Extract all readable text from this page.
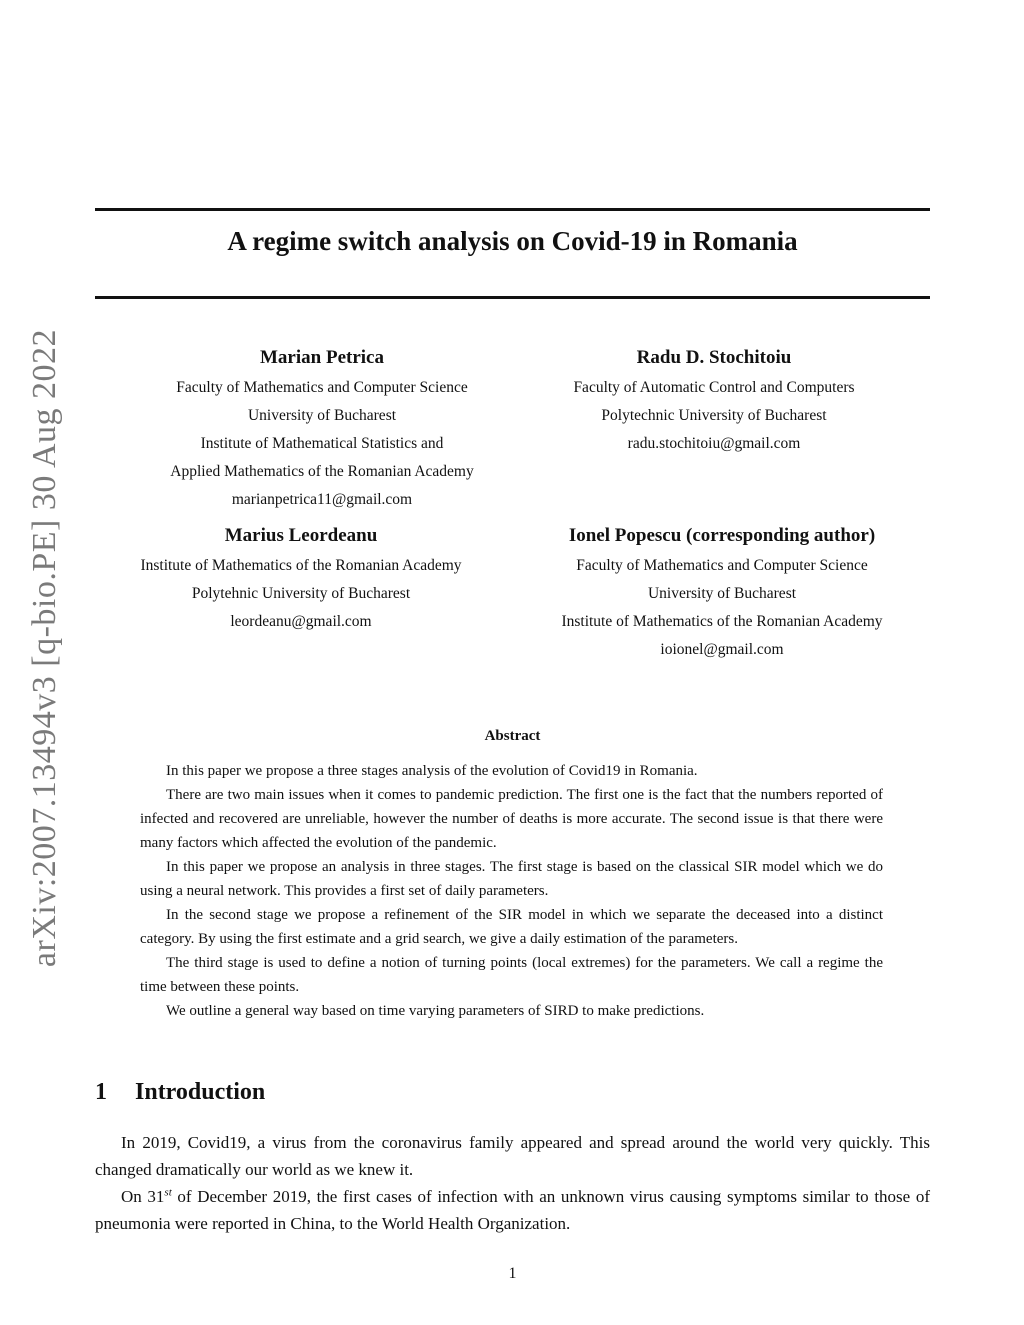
arXiv:2007.13494v3 [q-bio.PE] 30 Aug 2022
A regime switch analysis on Covid-19 in Romania
Marian Petrica
Faculty of Mathematics and Computer Science
University of Bucharest
Institute of Mathematical Statistics and
Applied Mathematics of the Romanian Academy
marianpetrica11@gmail.com
Radu D. Stochitoiu
Faculty of Automatic Control and Computers
Polytechnic University of Bucharest
radu.stochitoiu@gmail.com
Marius Leordeanu
Institute of Mathematics of the Romanian Academy
Polytehnic University of Bucharest
leordeanu@gmail.com
Ionel Popescu (corresponding author)
Faculty of Mathematics and Computer Science
University of Bucharest
Institute of Mathematics of the Romanian Academy
ioionel@gmail.com
Abstract

In this paper we propose a three stages analysis of the evolution of Covid19 in Romania.

There are two main issues when it comes to pandemic prediction. The first one is the fact that the numbers reported of infected and recovered are unreliable, however the number of deaths is more accurate. The second issue is that there were many factors which affected the evolution of the pandemic.

In this paper we propose an analysis in three stages. The first stage is based on the classical SIR model which we do using a neural network. This provides a first set of daily parameters.

In the second stage we propose a refinement of the SIR model in which we separate the deceased into a distinct category. By using the first estimate and a grid search, we give a daily estimation of the parameters.

The third stage is used to define a notion of turning points (local extremes) for the parameters. We call a regime the time between these points.

We outline a general way based on time varying parameters of SIRD to make predictions.

1 Introduction

In 2019, Covid19, a virus from the coronavirus family appeared and spread around the world very quickly. This changed dramatically our world as we knew it.

On 31st of December 2019, the first cases of infection with an unknown virus causing symptoms similar to those of pneumonia were reported in China, to the World Health Organization.

1
